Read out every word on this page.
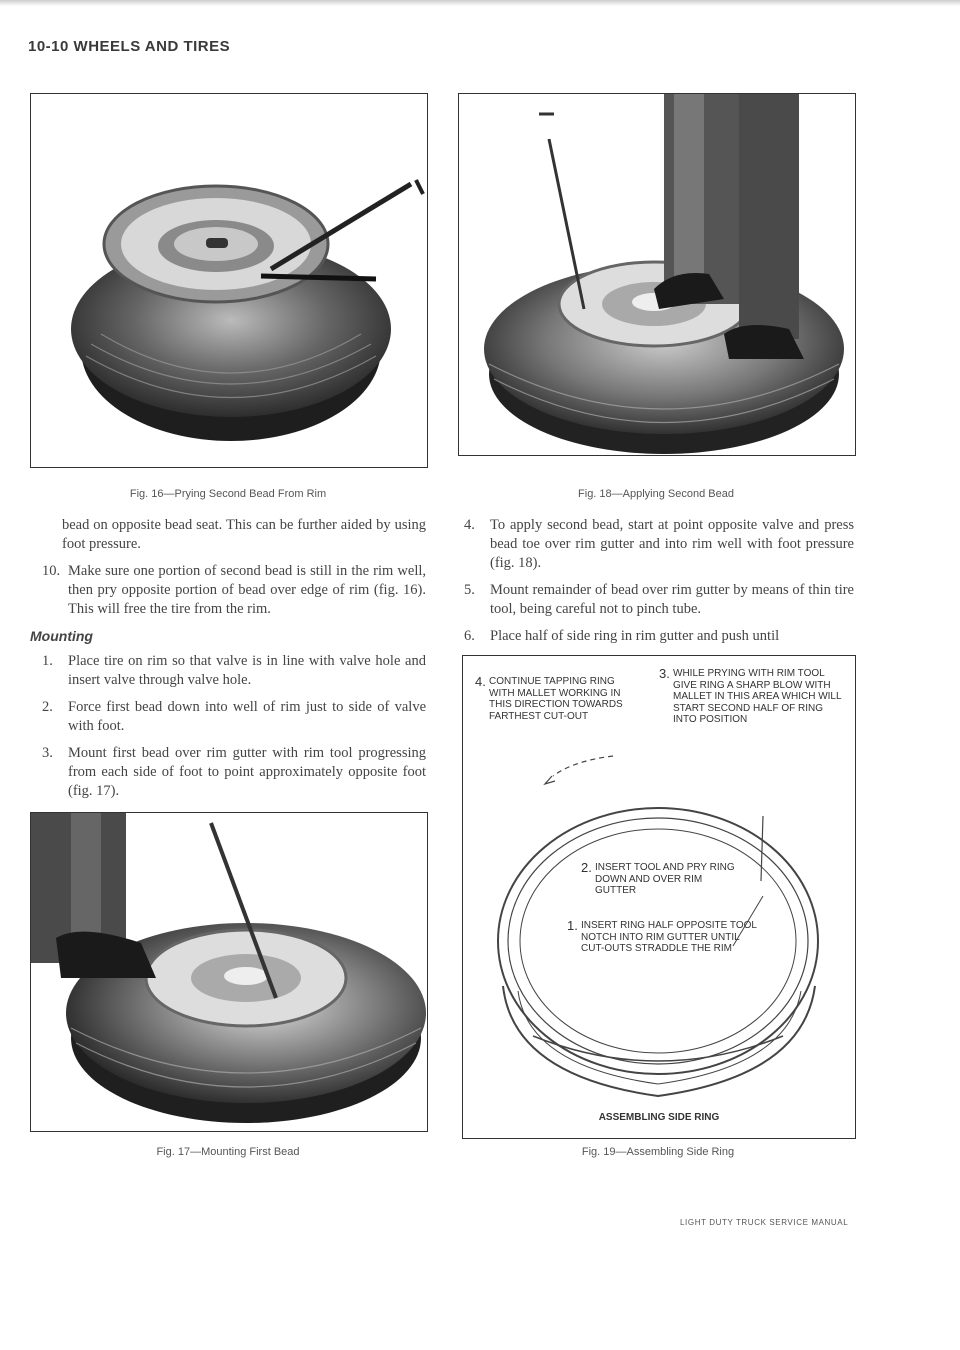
10-10 WHEELS AND TIRES
Fig. 16—Prying Second Bead From Rim	Fig. 18—Applying Second Bead
bead on opposite bead seat. This can be further aided by using foot pressure.
10. Make sure one portion of second bead is still in the rim well, then pry opposite portion of bead over edge of rim (fig. 16). This will free the tire from the rim.
Mounting
1.	Place tire on rim so that valve is in line with valve hole and insert valve through valve hole.
2.	Force first bead down into well of rim just to side of valve with foot.
3.	Mount first bead over rim gutter with rim tool progressing from each side of foot to point approximately opposite foot (fig. 17).
Fig. 17—Mounting First Bead
4.	To apply second bead, start at point opposite valve and press bead toe over rim gutter and into rim well with foot pressure (fig. 18).
5.	Mount remainder of bead over rim gutter by means of thin tire tool, being careful not to pinch tube.
6.	Place half of side ring in rim gutter and push until
4. CONTINUE TAPPING RING WITH MALLET WORKING IN THIS DIRECTION TOWARDS FARTHEST CUT-OUT
3. WHILE PRYING WITH RIM TOOL GIVE RING A SHARP BLOW WITH MALLET IN THIS AREA WHICH WILL START SECOND HALF OF RING INTO POSITION
2. INSERT TOOL AND PRY RING DOWN AND OVER RIM GUTTER
1. INSERT RING HALF OPPOSITE TOOL NOTCH INTO RIM GUTTER UNTIL CUT-OUTS STRADDLE THE RIM
ASSEMBLING SIDE RING
Fig. 19—Assembling Side Ring
LIGHT DUTY TRUCK SERVICE MANUAL
